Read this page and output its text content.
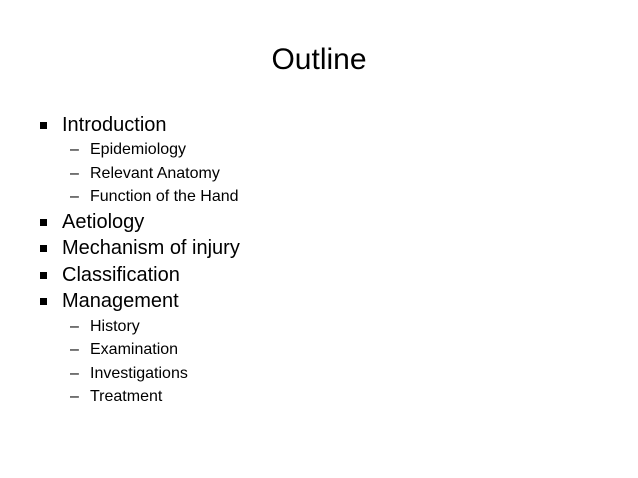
Outline
Introduction
– Epidemiology
– Relevant Anatomy
– Function of the Hand
Aetiology
Mechanism of injury
Classification
Management
– History
– Examination
– Investigations
– Treatment
